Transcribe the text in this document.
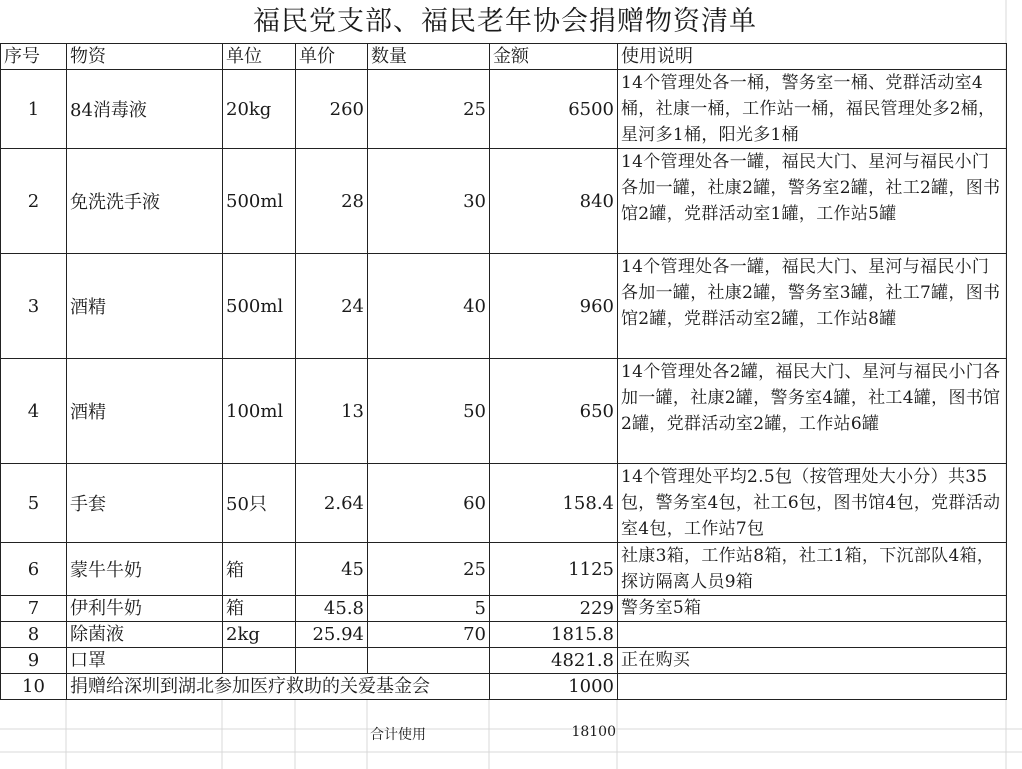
福民党支部、福民老年协会捐赠物资清单
序号	物资	单位	单价	数量	金额	使用说明
1	84消毒液	20kg	260	25	6500	14个管理处各一桶，警务室一桶、党群活动室4桶，社康一桶，工作站一桶，福民管理处多2桶，星河多1桶，阳光多1桶
2	免洗洗手液	500ml	28	30	840	14个管理处各一罐，福民大门、星河与福民小门各加一罐，社康2罐，警务室2罐，社工2罐，图书馆2罐，党群活动室1罐，工作站5罐
3	酒精	500ml	24	40	960	14个管理处各一罐，福民大门、星河与福民小门各加一罐，社康2罐，警务室3罐，社工7罐，图书馆2罐，党群活动室2罐，工作站8罐
4	酒精	100ml	13	50	650	14个管理处各2罐，福民大门、星河与福民小门各加一罐，社康2罐，警务室4罐，社工4罐，图书馆2罐，党群活动室2罐，工作站6罐
5	手套	50只	2.64	60	158.4	14个管理处平均2.5包（按管理处大小分）共35包，警务室4包，社工6包，图书馆4包，党群活动室4包，工作站7包
6	蒙牛牛奶	箱	45	25	1125	社康3箱，工作站8箱，社工1箱，下沉部队4箱，探访隔离人员9箱
7	伊利牛奶	箱	45.8	5	229	警务室5箱
8	除菌液	2kg	25.94	70	1815.8	
9	口罩				4821.8	正在购买
10	捐赠给深圳到湖北参加医疗救助的关爱基金会				1000	
合计使用	18100
